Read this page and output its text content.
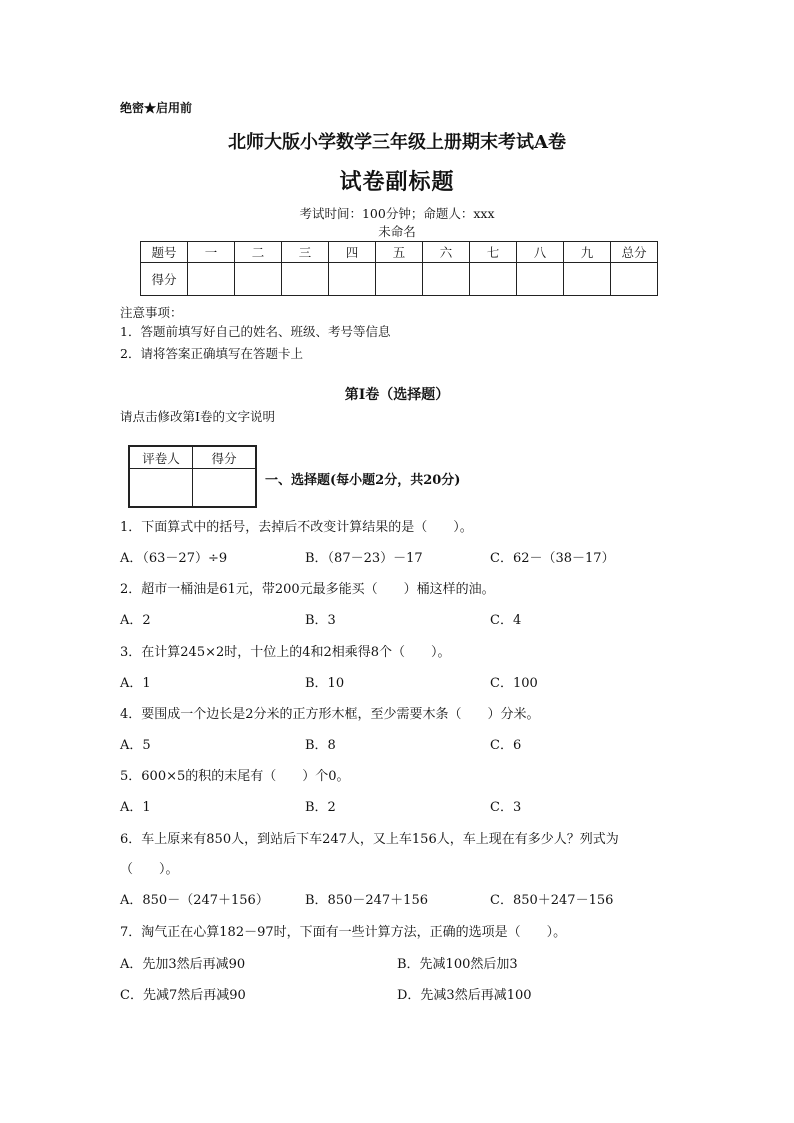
绝密★启用前
北师大版小学数学三年级上册期末考试A卷
试卷副标题
考试时间：100分钟；命题人：xxx
未命名
题号	一	二	三	四	五	六	七	八	九	总分
得分										
注意事项：
1．答题前填写好自己的姓名、班级、考号等信息
2．请将答案正确填写在答题卡上
第I卷（选择题）
请点击修改第I卷的文字说明
评卷人	得分

一、选择题(每小题2分，共20分)
1．下面算式中的括号，去掉后不改变计算结果的是（　　）。
A．（63－27）÷9	B．（87－23）－17	C．62－（38－17）
2．超市一桶油是61元，带200元最多能买（　　）桶这样的油。
A．2	B．3	C．4
3．在计算245×2时，十位上的4和2相乘得8个（　　）。
A．1	B．10	C．100
4．要围成一个边长是2分米的正方形木框，至少需要木条（　　）分米。
A．5	B．8	C．6
5．600×5的积的末尾有（　　）个0。
A．1	B．2	C．3
6．车上原来有850人，到站后下车247人，又上车156人，车上现在有多少人？列式为
（　　）。
A．850－（247＋156）	B．850－247＋156	C．850＋247－156
7．淘气正在心算182－97时，下面有一些计算方法，正确的选项是（　　）。
A．先加3然后再减90	B．先减100然后加3
C．先减7然后再减90	D．先减3然后再减100
